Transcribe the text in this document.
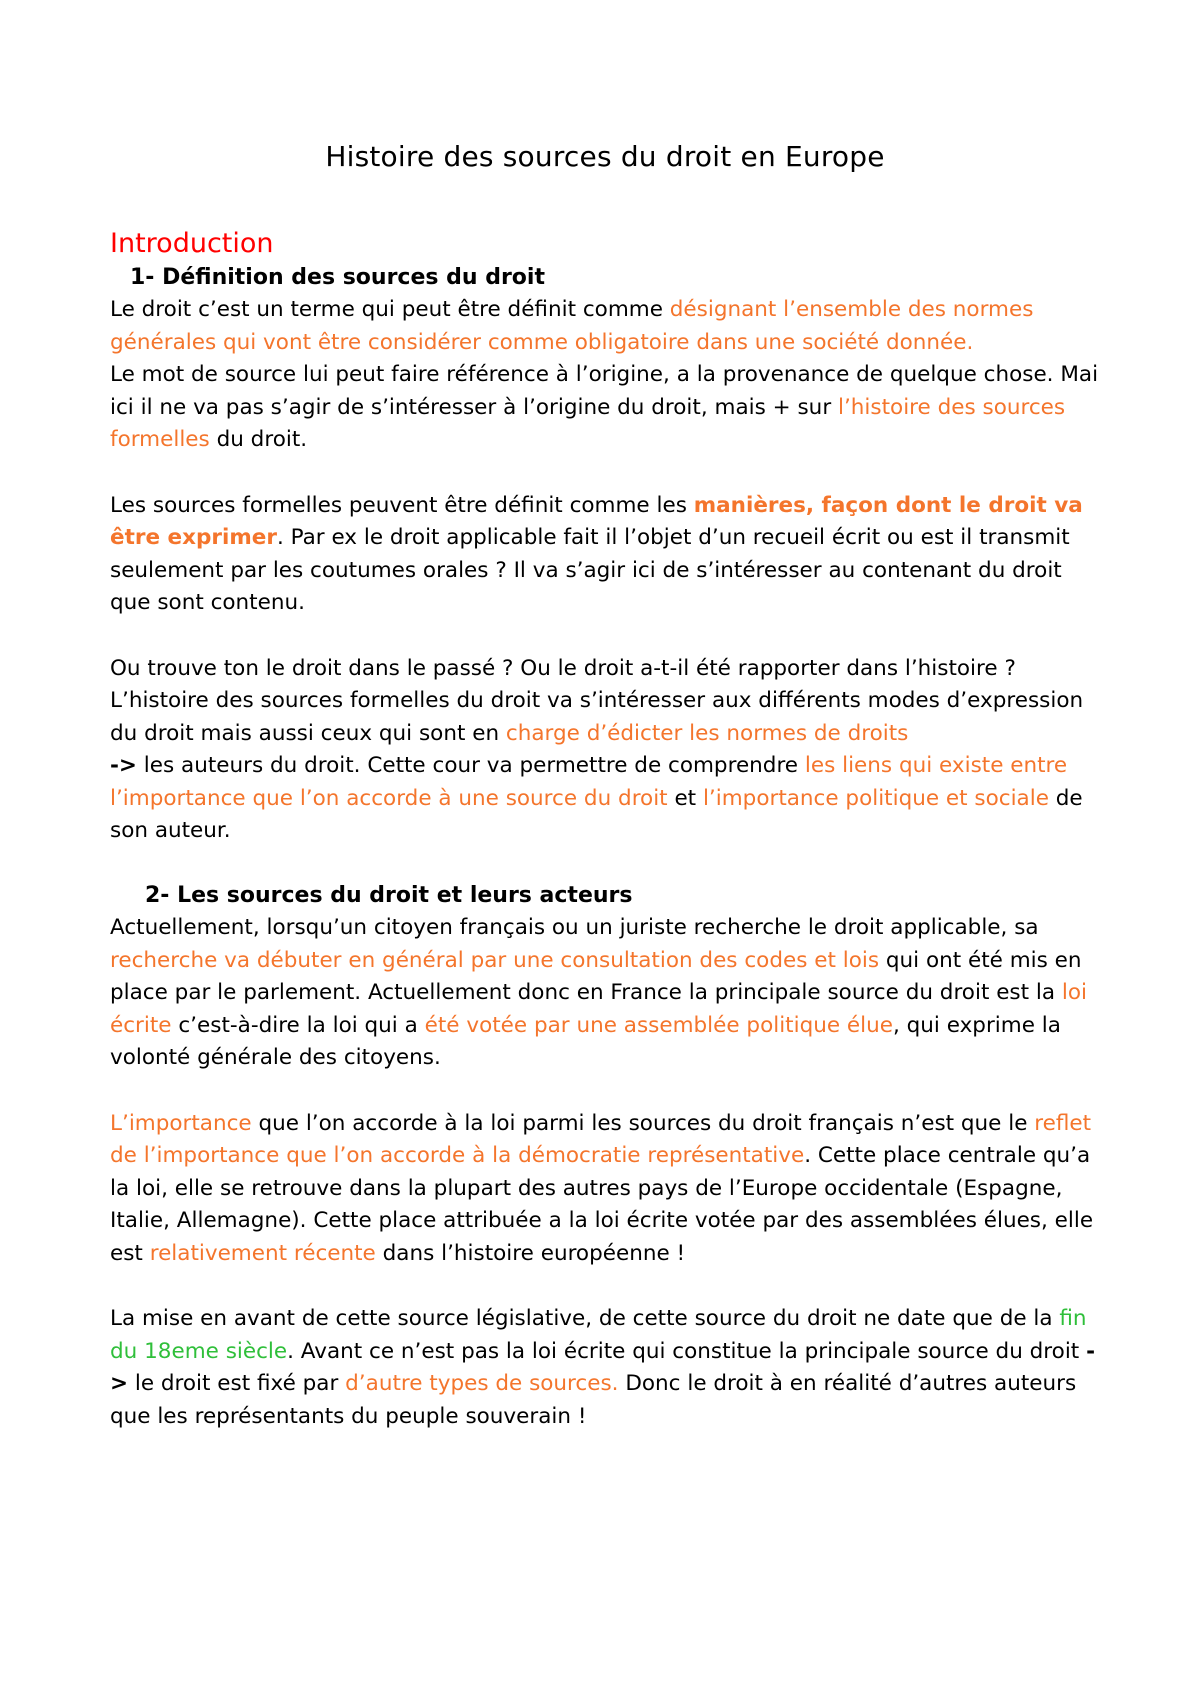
Histoire des sources du droit en Europe
Introduction
1- Définition des sources du droit

Le droit c’est un terme qui peut être définit comme désignant l’ensemble des normes générales qui vont être considérer comme obligatoire dans une société donnée.

Le mot de source lui peut faire référence à l’origine, a la provenance de quelque chose. Mai ici il ne va pas s’agir de s’intéresser à l’origine du droit, mais + sur l’histoire des sources formelles du droit.

Les sources formelles peuvent être définit comme les manières, façon dont le droit va être exprimer. Par ex le droit applicable fait il l’objet d’un recueil écrit ou est il transmit seulement par les coutumes orales ? Il va s’agir ici de s’intéresser au contenant du droit que sont contenu.

Ou trouve ton le droit dans le passé ? Ou le droit a-t-il été rapporter dans l’histoire ? L’histoire des sources formelles du droit va s’intéresser aux différents modes d’expression du droit mais aussi ceux qui sont en charge d’édicter les normes de droits

-> les auteurs du droit. Cette cour va permettre de comprendre les liens qui existe entre l’importance que l’on accorde à une source du droit et l’importance politique et sociale de son auteur.

2- Les sources du droit et leurs acteurs

Actuellement, lorsqu’un citoyen français ou un juriste recherche le droit applicable, sa recherche va débuter en général par une consultation des codes et lois qui ont été mis en place par le parlement. Actuellement donc en France la principale source du droit est la loi écrite c’est-à-dire la loi qui a été votée par une assemblée politique élue, qui exprime la volonté générale des citoyens.

L’importance que l’on accorde à la loi parmi les sources du droit français n’est que le reflet de l’importance que l’on accorde à la démocratie représentative. Cette place centrale qu’a la loi, elle se retrouve dans la plupart des autres pays de l’Europe occidentale (Espagne, Italie, Allemagne). Cette place attribuée a la loi écrite votée par des assemblées élues, elle est relativement récente dans l’histoire européenne !

La mise en avant de cette source législative, de cette source du droit ne date que de la fin du 18eme siècle. Avant ce n’est pas la loi écrite qui constitue la principale source du droit -> le droit est fixé par d’autre types de sources. Donc le droit à en réalité d’autres auteurs que les représentants du peuple souverain !
